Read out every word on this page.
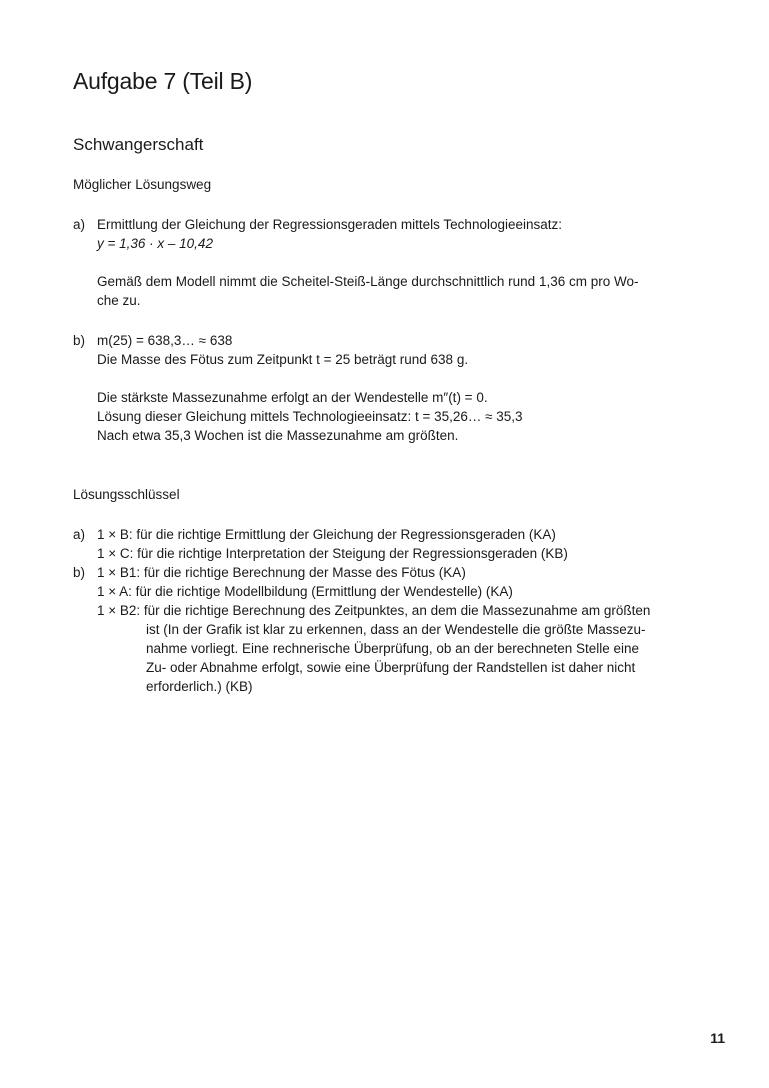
Aufgabe 7 (Teil B)
Schwangerschaft

Möglicher Lösungsweg

a) Ermittlung der Gleichung der Regressionsgeraden mittels Technologieeinsatz:
y = 1,36 · x – 10,42
Gemäß dem Modell nimmt die Scheitel-Steiß-Länge durchschnittlich rund 1,36 cm pro Wo-
che zu.
b) m(25) = 638,3… ≈ 638
Die Masse des Fötus zum Zeitpunkt t = 25 beträgt rund 638 g.
Die stärkste Massezunahme erfolgt an der Wendestelle m″(t) = 0.
Lösung dieser Gleichung mittels Technologieeinsatz: t = 35,26… ≈ 35,3
Nach etwa 35,3 Wochen ist die Massezunahme am größten.

Lösungsschlüssel

a) 1 × B: für die richtige Ermittlung der Gleichung der Regressionsgeraden (KA)
1 × C: für die richtige Interpretation der Steigung der Regressionsgeraden (KB)
b) 1 × B1: für die richtige Berechnung der Masse des Fötus (KA)
1 × A: für die richtige Modellbildung (Ermittlung der Wendestelle) (KA)
1 × B2: für die richtige Berechnung des Zeitpunktes, an dem die Massezunahme am größten
ist (In der Grafik ist klar zu erkennen, dass an der Wendestelle die größte Massezu-
nahme vorliegt. Eine rechnerische Überprüfung, ob an der berechneten Stelle eine
Zu- oder Abnahme erfolgt, sowie eine Überprüfung der Randstellen ist daher nicht
erforderlich.) (KB)
11
